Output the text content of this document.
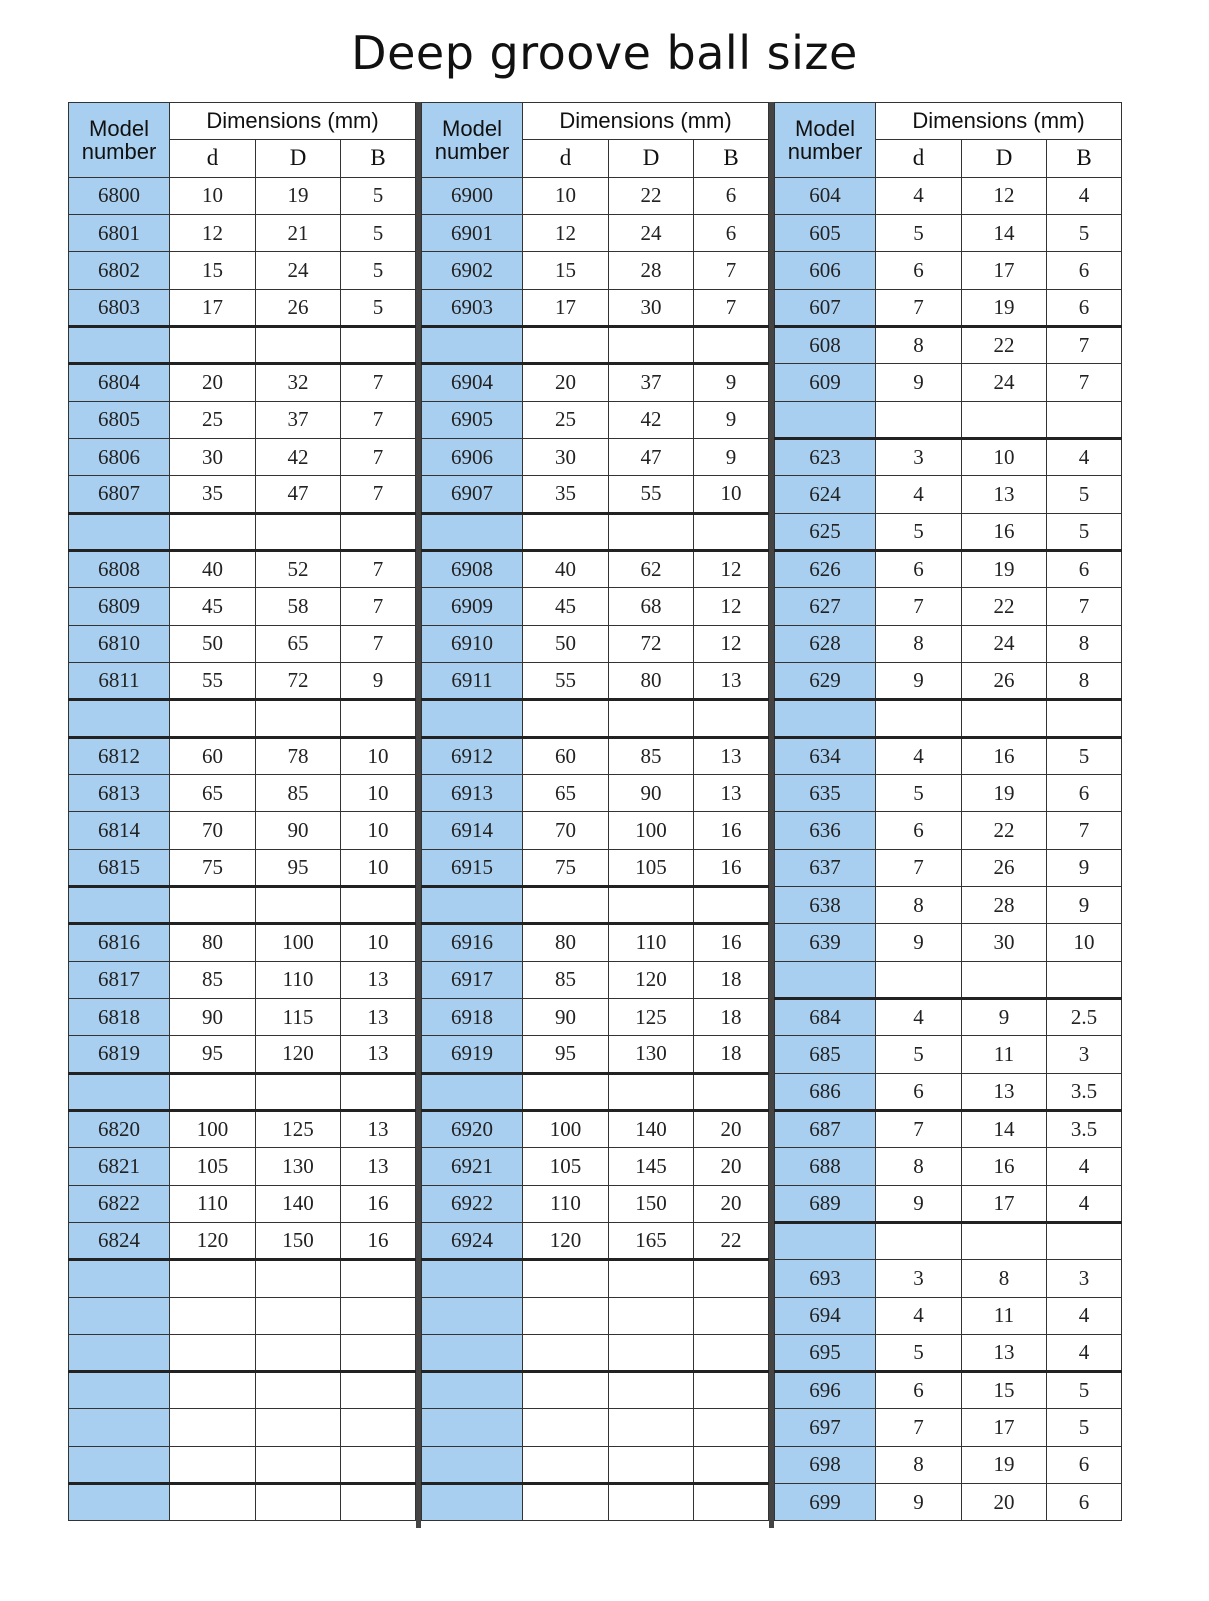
Deep groove ball size
Model
number	Dimensions (mm)		
	d	D	B
6800	10	19	5
6801	12	21	5
6802	15	24	5
6803	17	26	5

6804	20	32	7
6805	25	37	7
6806	30	42	7
6807	35	47	7

6808	40	52	7
6809	45	58	7
6810	50	65	7
6811	55	72	9

6812	60	78	10
6813	65	85	10
6814	70	90	10
6815	75	95	10

6816	80	100	10
6817	85	110	13
6818	90	115	13
6819	95	120	13

6820	100	125	13
6821	105	130	13
6822	110	140	16
6824	120	150	16

Model
number	Dimensions (mm)		
	d	D	B
6900	10	22	6
6901	12	24	6
6902	15	28	7
6903	17	30	7

6904	20	37	9
6905	25	42	9
6906	30	47	9
6907	35	55	10

6908	40	62	12
6909	45	68	12
6910	50	72	12
6911	55	80	13

6912	60	85	13
6913	65	90	13
6914	70	100	16
6915	75	105	16

6916	80	110	16
6917	85	120	18
6918	90	125	18
6919	95	130	18

6920	100	140	20
6921	105	145	20
6922	110	150	20
6924	120	165	22

Model
number	Dimensions (mm)		
	d	D	B
604	4	12	4
605	5	14	5
606	6	17	6
607	7	19	6
608	8	22	7
609	9	24	7

623	3	10	4
624	4	13	5
625	5	16	5
626	6	19	6
627	7	22	7
628	8	24	8
629	9	26	8

634	4	16	5
635	5	19	6
636	6	22	7
637	7	26	9
638	8	28	9
639	9	30	10

684	4	9	2.5
685	5	11	3
686	6	13	3.5
687	7	14	3.5
688	8	16	4
689	9	17	4

693	3	8	3
694	4	11	4
695	5	13	4
696	6	15	5
697	7	17	5
698	8	19	6
699	9	20	6
